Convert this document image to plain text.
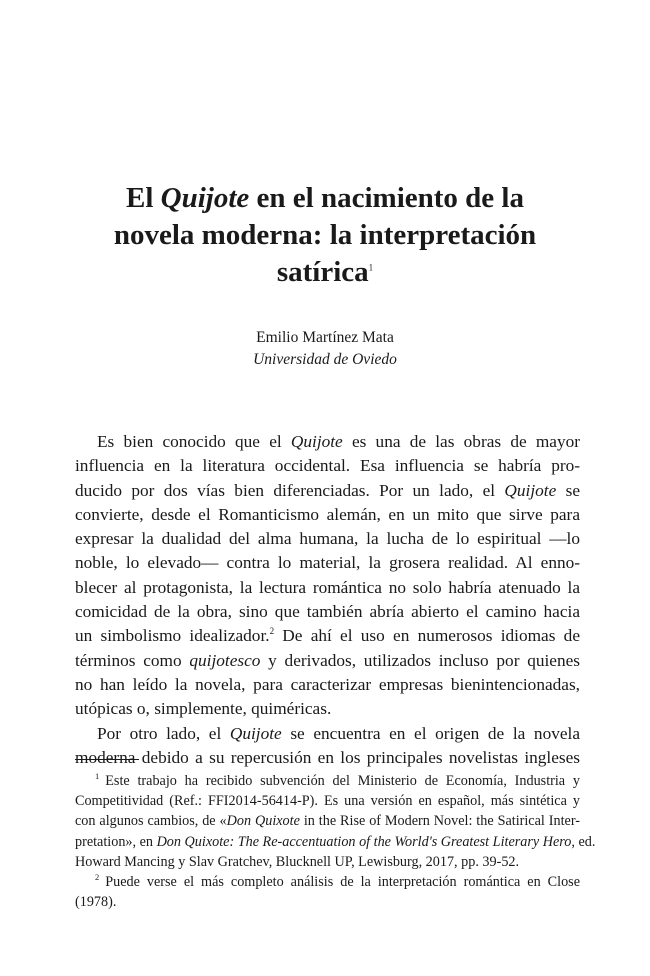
El Quijote en el nacimiento de la
novela moderna: la interpretación
satírica$^1$
Emilio Martínez Mata
Universidad de Oviedo
Es bien conocido que el Quijote es una de las obras de mayor
influencia en la literatura occidental. Esa influencia se habría pro-
ducido por dos vías bien diferenciadas. Por un lado, el Quijote se
convierte, desde el Romanticismo alemán, en un mito que sirve para
expresar la dualidad del alma humana, la lucha de lo espiritual —lo
noble, lo elevado— contra lo material, la grosera realidad. Al enno-
blecer al protagonista, la lectura romántica no solo habría atenuado la
comicidad de la obra, sino que también abría abierto el camino hacia
un simbolismo idealizador.$^2$ De ahí el uso en numerosos idiomas de
términos como quijotesco y derivados, utilizados incluso por quienes
no han leído la novela, para caracterizar empresas bienintencionadas,
utópicas o, simplemente, quiméricas.
Por otro lado, el Quijote se encuentra en el origen de la novela
moderna debido a su repercusión en los principales novelistas ingleses
$^1$ Este trabajo ha recibido subvención del Ministerio de Economía, Industria y
Competitividad (Ref.: FFI2014-56414-P). Es una versión en español, más sintética y
con algunos cambios, de «Don Quixote in the Rise of Modern Novel: the Satirical Inter-
pretation», en Don Quixote: The Re-accentuation of the World's Greatest Literary Hero, ed.
Howard Mancing y Slav Gratchev, Blucknell UP, Lewisburg, 2017, pp. 39-52.
$^2$ Puede verse el más completo análisis de la interpretación romántica en Close
(1978).
